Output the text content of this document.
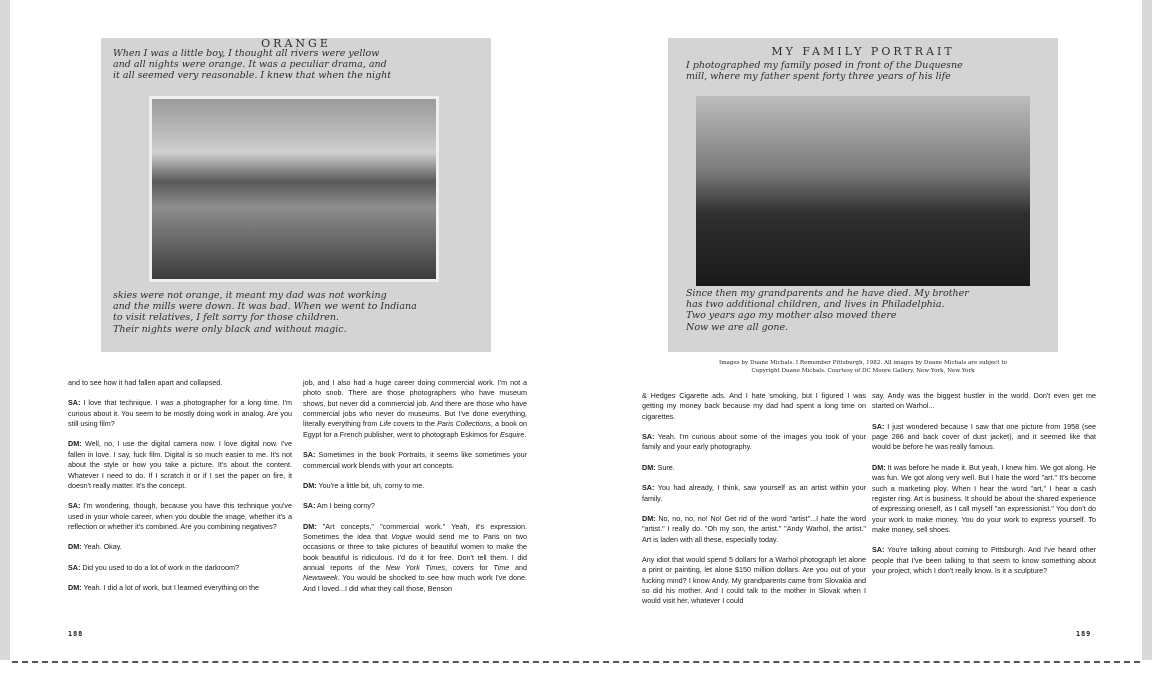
ORANGE
When I was a little boy, I thought all rivers were yellow
and all nights were orange. It was a peculiar drama, and
it all seemed very reasonable. I knew that when the night
skies were not orange, it meant my dad was not working
and the mills were down. It was bad. When we went to Indiana
to visit relatives, I felt sorry for those children.
Their nights were only black and without magic.
MY FAMILY PORTRAIT
I photographed my family posed in front of the Duquesne
mill, where my father spent forty three years of his life
Since then my grandparents and he have died. My brother
has two additional children, and lives in Philadelphia.
Two years ago my mother also moved there
Now we are all gone.
Images by Duane Michals. I Remember Pittsburgh, 1982. All images by Duane Michals are subject to
Copyright Duane Michals. Courtesy of DC Moore Gallery, New York, New York

and to see how it had fallen apart and collapsed.

SA: I love that technique. I was a photographer for a long time. I'm curious about it. You seem to be mostly doing work in analog. Are you still using film?

DM: Well, no, I use the digital camera now. I love digital now. I've fallen in love. I say, fuck film. Digital is so much easier to me. It's not about the style or how you take a picture. It's about the content. Whatever I need to do. If I scratch it or if I set the paper on fire, it doesn't really matter. It's the concept.

SA: I'm wondering, though, because you have this technique you've used in your whole career, when you double the image, whether it's a reflection or whether it's combined. Are you combining negatives?

DM: Yeah. Okay.

SA: Did you used to do a lot of work in the darkroom?

DM: Yeah. I did a lot of work, but I learned everything on the

job, and I also had a huge career doing commercial work. I'm not a photo snob. There are those photographers who have museum shows, but never did a commercial job. And there are those who have commercial jobs who never do museums. But I've done everything, literally everything from Life covers to the Paris Collections, a book on Egypt for a French publisher, went to photograph Eskimos for Esquire.

SA: Sometimes in the book Portraits, it seems like sometimes your commercial work blends with your art concepts.

DM: You're a little bit, uh, corny to me.

SA: Am I being corny?

DM: "Art concepts," "commercial work." Yeah, it's expression. Sometimes the idea that Vogue would send me to Paris on two occasions or three to take pictures of beautiful women to make the book beautiful is ridiculous. I'd do it for free. Don't tell them. I did annual reports of the New York Times, covers for Time and Newsweek. You would be shocked to see how much work I've done. And I loved...I did what they call those, Benson

& Hedges Cigarette ads. And I hate smoking, but I figured I was getting my money back because my dad had spent a long time on cigarettes.

SA: Yeah. I'm curious about some of the images you took of your family and your early photography.

DM: Sure.

SA: You had already, I think, saw yourself as an artist within your family.

DM: No, no, no, no! No! Get rid of the word "artist"...I hate the word "artist." I really do. "Oh my son, the artist." "Andy Warhol, the artist." Art is laden with all these, especially today.

Any idiot that would spend 5 dollars for a Warhol photograph let alone a print or painting, let alone $150 million dollars. Are you out of your fucking mind? I know Andy. My grandparents came from Slovakia and so did his mother. And I could talk to the mother in Slovak when I would visit her, whatever I could

say. Andy was the biggest hustler in the world. Don't even get me started on Warhol...

SA: I just wondered because I saw that one picture from 1958 (see page 286 and back cover of dust jacket), and it seemed like that would be before he was really famous.

DM: It was before he made it. But yeah, I knew him. We got along. He was fun. We got along very well. But I hate the word "art." It's become such a marketing ploy. When I hear the word "art," I hear a cash register ring. Art is business. It should be about the shared experience of expressing oneself, as I call myself "an expressionist." You don't do your work to make money. You do your work to express yourself. To make money, sell shoes.

SA: You're talking about coming to Pittsburgh. And I've heard other people that I've been talking to that seem to know something about your project, which I don't really know. Is it a sculpture?

188	189
